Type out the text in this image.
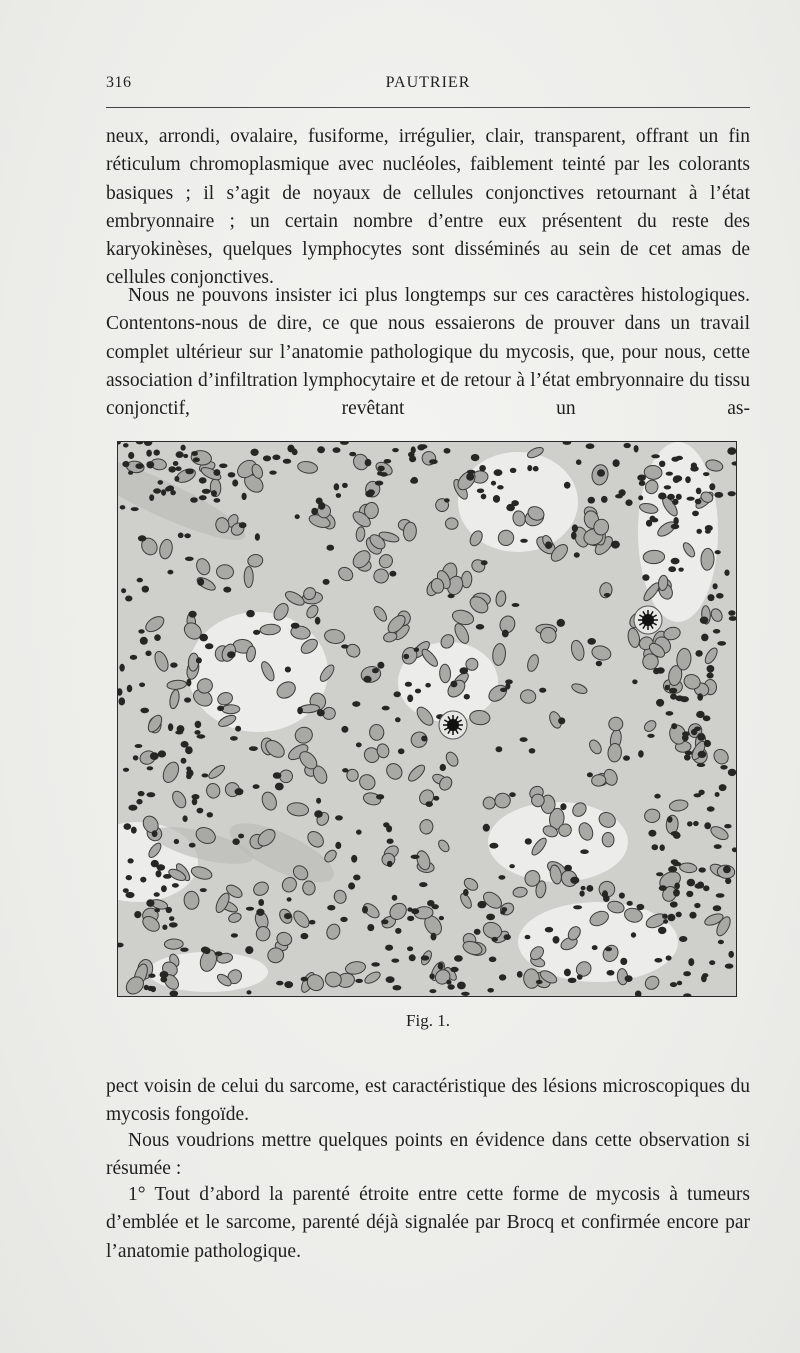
316	PAUTRIER

neux, arrondi, ovalaire, fusiforme, irrégulier, clair, transparent, offrant un fin réticulum chromoplasmique avec nucléoles, faiblement teinté par les colorants basiques ; il s’agit de noyaux de cellules conjonctives retournant à l’état embryonnaire ; un certain nombre d’entre eux présentent du reste des karyokinèses, quelques lymphocytes sont disséminés au sein de cet amas de cellules conjonctives.

Nous ne pouvons insister ici plus longtemps sur ces caractères histologiques. Contentons-nous de dire, ce que nous essaierons de prouver dans un travail complet ultérieur sur l’anatomie pathologique du mycosis, que, pour nous, cette association d’infiltration lymphocytaire et de retour à l’état embryonnaire du tissu conjonctif, revêtant un as-

Fig. 1.

pect voisin de celui du sarcome, est caractéristique des lésions microscopiques du mycosis fongoïde.

Nous voudrions mettre quelques points en évidence dans cette observation si résumée :

1° Tout d’abord la parenté étroite entre cette forme de mycosis à tumeurs d’emblée et le sarcome, parenté déjà signalée par Brocq et confirmée encore par l’anatomie pathologique.
